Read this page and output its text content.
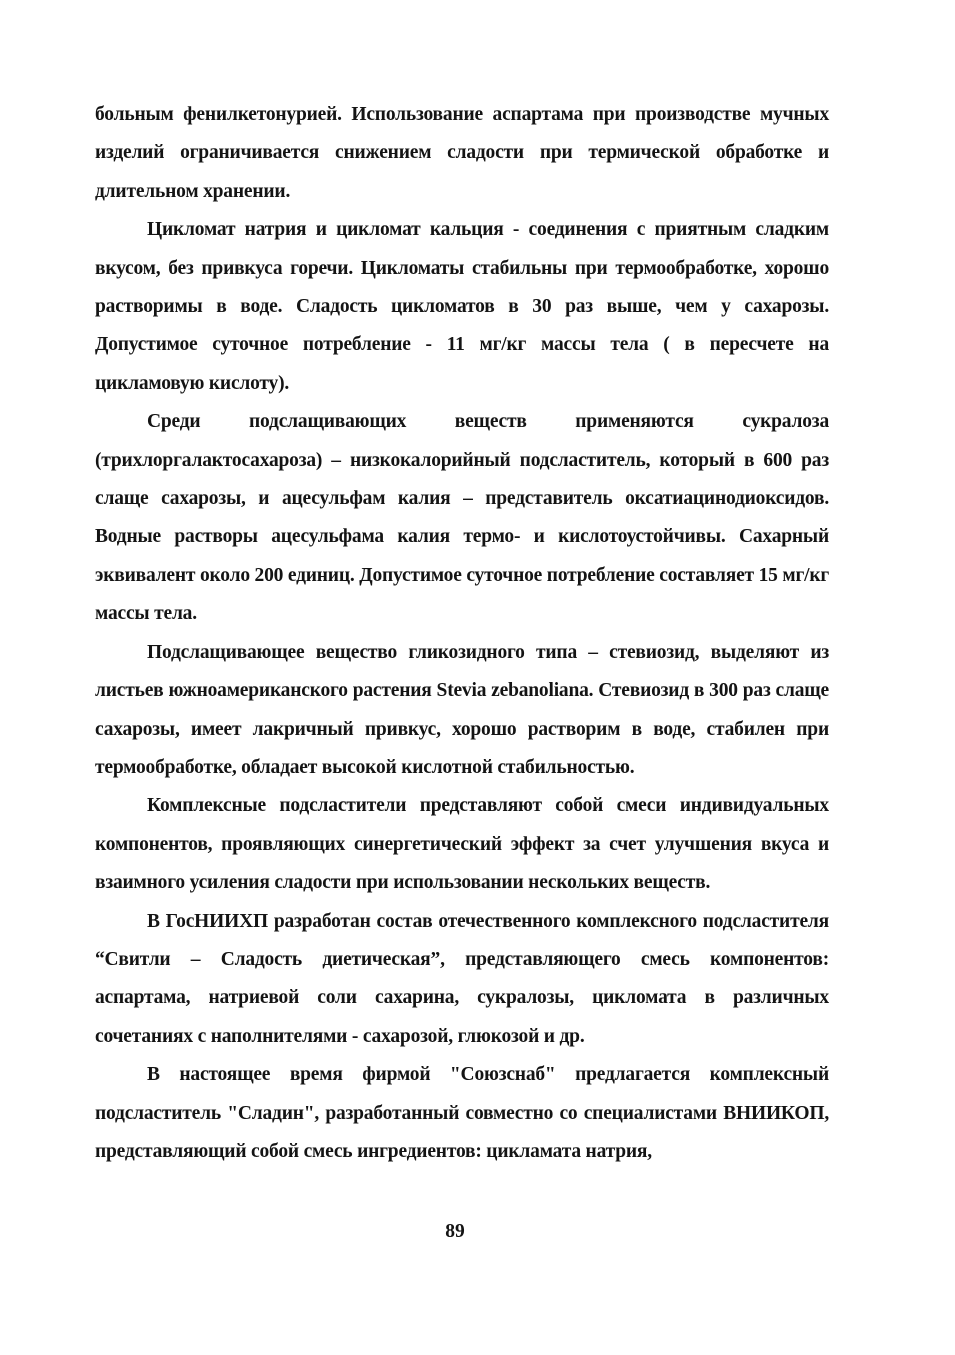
больным фенилкетонурией. Использование аспартама при производстве мучных изделий ограничивается снижением сладости при термической обработке и длительном хранении.

Цикломат натрия и цикломат кальция - соединения с приятным сладким вкусом, без привкуса горечи. Цикломаты стабильны при термообработке, хорошо растворимы в воде. Сладость цикломатов в 30 раз выше, чем у сахарозы. Допустимое суточное потребление - 11 мг/кг массы тела ( в пересчете на цикламовую кислоту).

Среди подслащивающих веществ применяются сукралоза (трихлоргалактосахароза) – низкокалорийный подсластитель, который в 600 раз слаще сахарозы, и ацесульфам калия – представитель оксатиацинодиоксидов. Водные растворы ацесульфама калия термо- и кислотоустойчивы. Сахарный эквивалент около 200 единиц. Допустимое суточное потребление составляет 15 мг/кг массы тела.

Подслащивающее вещество гликозидного типа – стевиозид, выделяют из листьев южноамериканского растения Stevia zebanoliana. Стевиозид в 300 раз слаще сахарозы, имеет лакричный привкус, хорошо растворим в воде, стабилен при термообработке, обладает высокой кислотной стабильностью.

Комплексные подсластители представляют собой смеси индивидуальных компонентов, проявляющих синергетический эффект за счет улучшения вкуса и взаимного усиления сладости при использовании нескольких веществ.

В ГосНИИХП разработан состав отечественного комплексного подсластителя “Свитли – Сладость диетическая”, представляющего смесь компонентов: аспартама, натриевой соли сахарина, сукралозы, цикломата в различных сочетаниях с наполнителями - сахарозой, глюкозой и др.

В настоящее время фирмой "Союзснаб" предлагается комплексный подсластитель "Сладин", разработанный совместно со специалистами ВНИИКОП, представляющий собой смесь ингредиентов: цикламата натрия,

89
